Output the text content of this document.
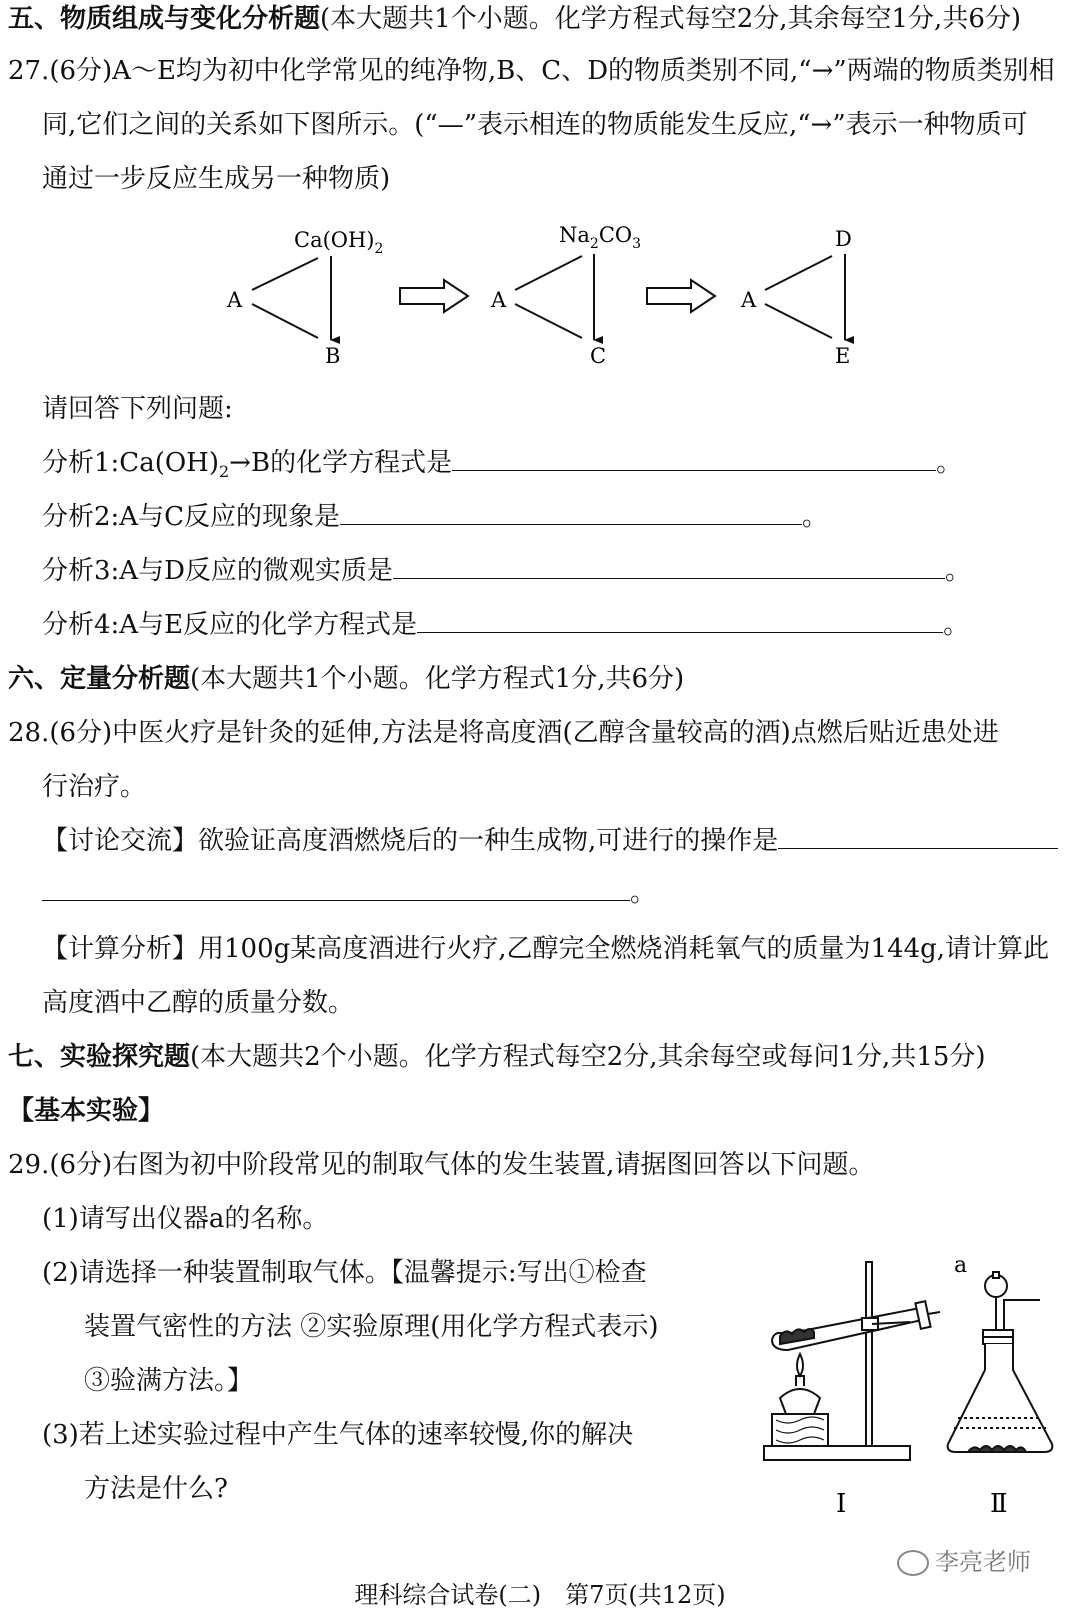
五、物质组成与变化分析题(本大题共1个小题。化学方程式每空2分,其余每空1分,共6分)
27.(6分)A～E均为初中化学常见的纯净物,B、C、D的物质类别不同,“→”两端的物质类别相
同,它们之间的关系如下图所示。(“—”表示相连的物质能发生反应,“→”表示一种物质可
通过一步反应生成另一种物质)
$Ca(OH)_2$
A
B
$Na_2CO_3$
A
C
D
A
E
请回答下列问题:
分析$1:Ca(OH)_2\to B$的化学方程式是	。
分析2:A与C反应的现象是	。
分析3:A与D反应的微观实质是	。
分析4:A与E反应的化学方程式是	。
六、定量分析题(本大题共1个小题。化学方程式1分,共6分)
28.(6分)中医火疗是针灸的延伸,方法是将高度酒(乙醇含量较高的酒)点燃后贴近患处进
行治疗。
【讨论交流】欲验证高度酒燃烧后的一种生成物,可进行的操作是
。
【计算分析】用100g某高度酒进行火疗,乙醇完全燃烧消耗氧气的质量为144g,请计算此
高度酒中乙醇的质量分数。
七、实验探究题(本大题共2个小题。化学方程式每空2分,其余每空或每问1分,共15分)
【基本实验】
29.(6分)右图为初中阶段常见的制取气体的发生装置,请据图回答以下问题。
(1)请写出仪器a的名称。
(2)请选择一种装置制取气体。【温馨提示:写出①检查
装置气密性的方法 ②实验原理(用化学方程式表示)
③验满方法。】
(3)若上述实验过程中产生气体的速率较慢,你的解决
方法是什么?	Ⅰ
a
Ⅱ
李亮老师
理科综合试卷(二)　第7页(共12页)
